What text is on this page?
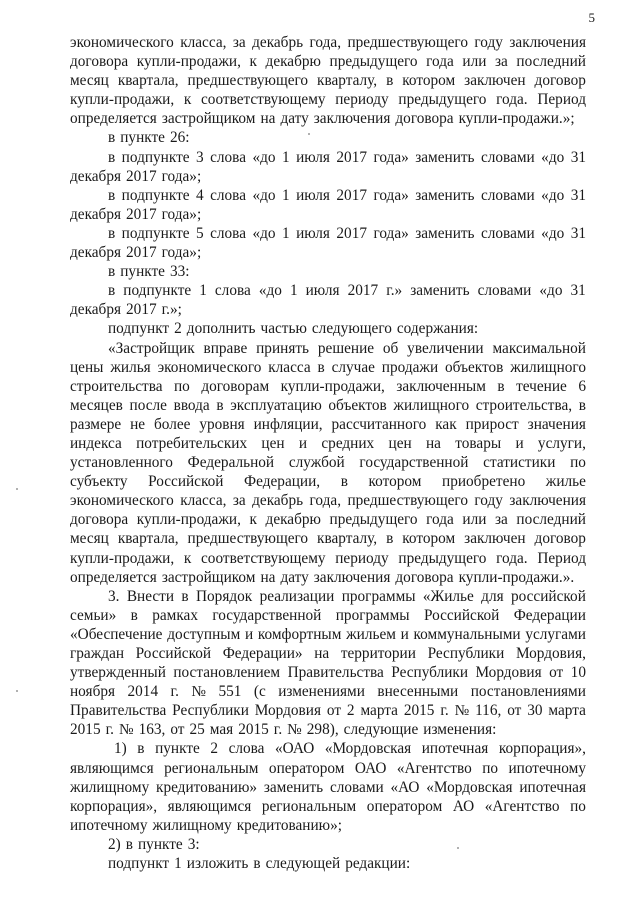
5
экономического класса, за декабрь года, предшествующего году заключения
договора купли-продажи, к декабрю предыдущего года или за последний
месяц квартала, предшествующего кварталу, в котором заключен договор
купли-продажи, к соответствующему периоду предыдущего года. Период
определяется застройщиком на дату заключения договора купли-продажи.»;
в пункте 26:
в подпункте 3 слова «до 1 июля 2017 года» заменить словами «до 31
декабря 2017 года»;
в подпункте 4 слова «до 1 июля 2017 года» заменить словами «до 31
декабря 2017 года»;
в подпункте 5 слова «до 1 июля 2017 года» заменить словами «до 31
декабря 2017 года»;
в пункте 33:
в подпункте 1 слова «до 1 июля 2017 г.» заменить словами «до 31
декабря 2017 г.»;
подпункт 2 дополнить частью следующего содержания:
«Застройщик вправе принять решение об увеличении максимальной
цены жилья экономического класса в случае продажи объектов жилищного
строительства по договорам купли-продажи, заключенным в течение 6
месяцев после ввода в эксплуатацию объектов жилищного строительства, в
размере не более уровня инфляции, рассчитанного как прирост значения
индекса потребительских цен и средних цен на товары и услуги,
установленного Федеральной службой государственной статистики по
субъекту Российской Федерации, в котором приобретено жилье
экономического класса, за декабрь года, предшествующего году заключения
договора купли-продажи, к декабрю предыдущего года или за последний
месяц квартала, предшествующего кварталу, в котором заключен договор
купли-продажи, к соответствующему периоду предыдущего года. Период
определяется застройщиком на дату заключения договора купли-продажи.».
3. Внести в Порядок реализации программы «Жилье для российской
семьи» в рамках государственной программы Российской Федерации
«Обеспечение доступным и комфортным жильем и коммунальными услугами
граждан Российской Федерации» на территории Республики Мордовия,
утвержденный постановлением Правительства Республики Мордовия от 10
ноября 2014 г. № 551 (с изменениями внесенными постановлениями
Правительства Республики Мордовия от 2 марта 2015 г. № 116, от 30 марта
2015 г. № 163, от 25 мая 2015 г. № 298), следующие изменения:
1) в пункте 2 слова «ОАО «Мордовская ипотечная корпорация»,
являющимся региональным оператором ОАО «Агентство по ипотечному
жилищному кредитованию» заменить словами «АО «Мордовская ипотечная
корпорация», являющимся региональным оператором АО «Агентство по
ипотечному жилищному кредитованию»;
2) в пункте 3:
подпункт 1 изложить в следующей редакции:
